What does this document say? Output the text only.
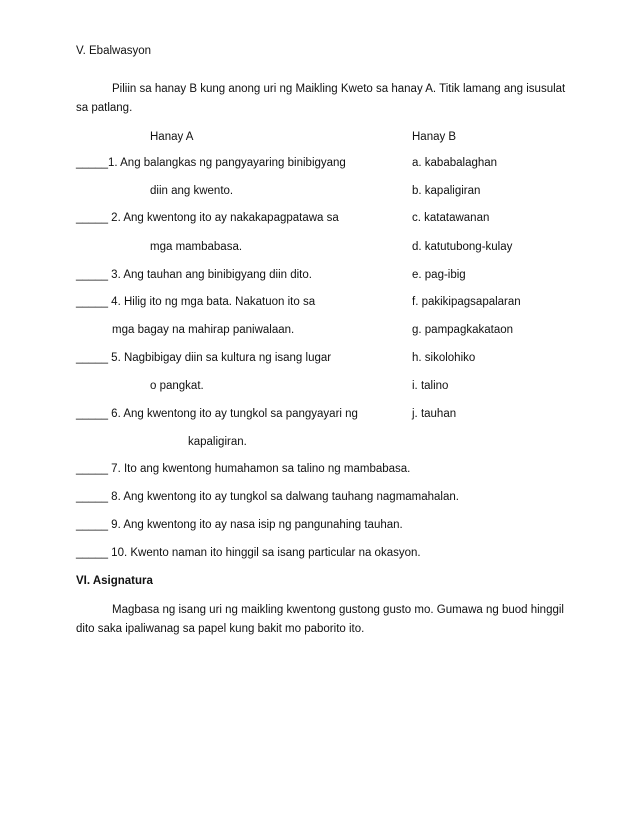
V. Ebalwasyon
Piliin sa hanay B kung anong uri ng Maikling Kweto sa hanay A. Titik lamang ang isusulat
sa patlang.
Hanay A	Hanay B
_____1. Ang balangkas ng pangyayaring binibigyang
diin ang kwento.
_____ 2. Ang kwentong ito ay nakakapagpatawa sa
mga mambabasa.
_____ 3. Ang tauhan ang binibigyang diin dito.
_____ 4. Hilig ito ng mga bata. Nakatuon ito sa
mga bagay na mahirap paniwalaan.
_____ 5. Nagbibigay diin sa kultura ng isang lugar
o pangkat.
_____ 6. Ang kwentong ito ay tungkol sa pangyayari ng
kapaligiran.
_____ 7. Ito ang kwentong humahamon sa talino ng mambabasa.
_____ 8. Ang kwentong ito ay tungkol sa dalwang tauhang nagmamahalan.
_____ 9. Ang kwentong ito ay nasa isip ng pangunahing tauhan.
_____ 10. Kwento naman ito hinggil sa isang particular na okasyon.
a. kababalaghan
b. kapaligiran
c. katatawanan
d. katutubong-kulay
e. pag-ibig
f. pakikipagsapalaran
g. pampagkakataon
h. sikolohiko
i. talino
j. tauhan
VI. Asignatura
Magbasa ng isang uri ng maikling kwentong gustong gusto mo. Gumawa ng buod hinggil
dito saka ipaliwanag sa papel kung bakit mo paborito ito.
